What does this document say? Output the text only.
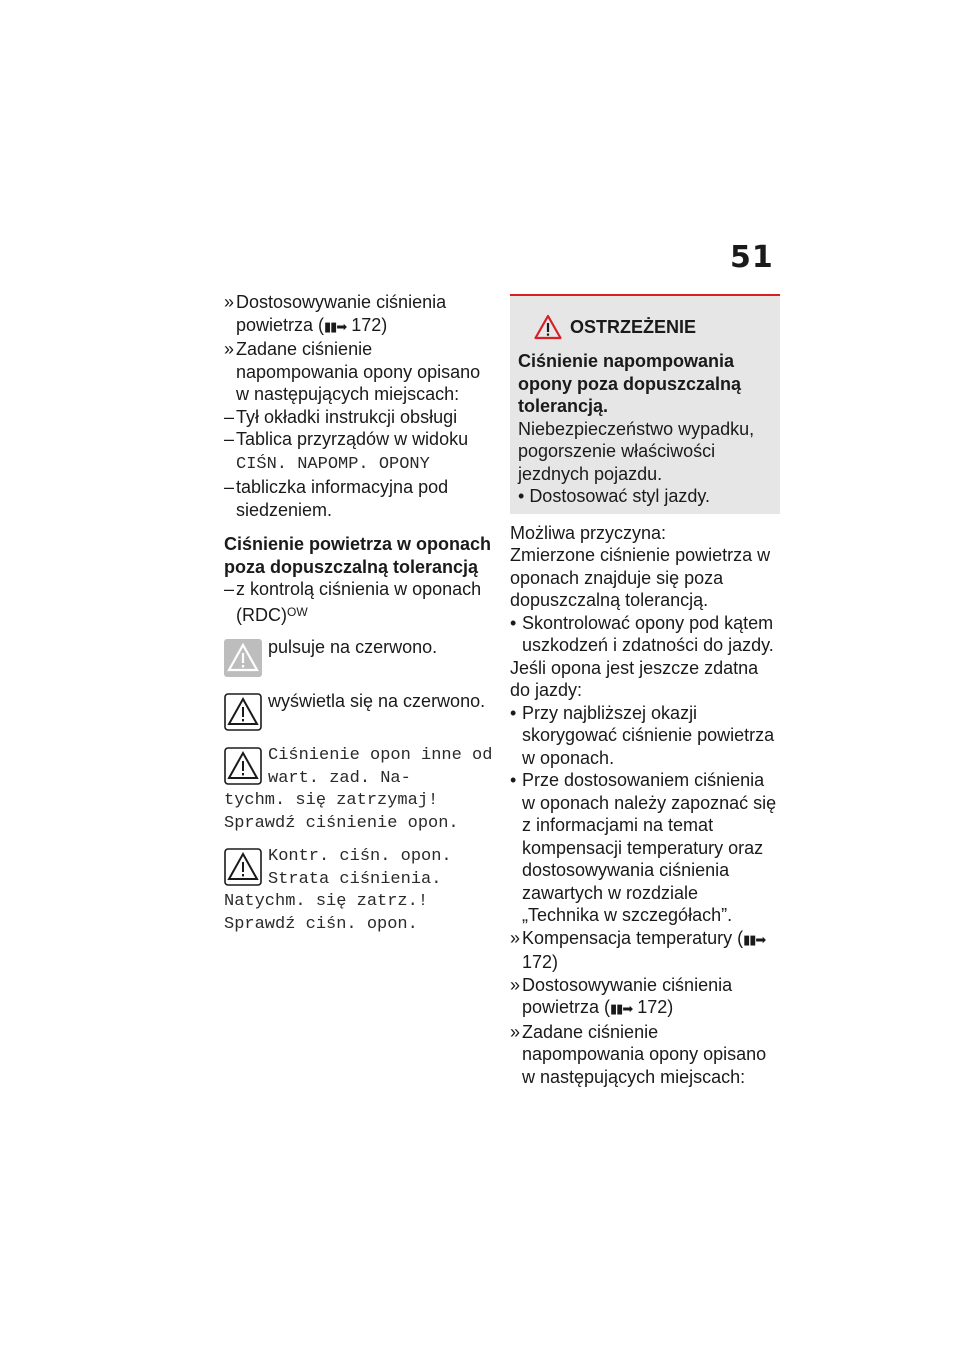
51
» Dostosowywanie ciśnienia powietrza (▮▮➡ 172)
» Zadane ciśnienie napompowania opony opisano w następujących miejscach:
– Tył okładki instrukcji obsługi
– Tablica przyrządów w widoku
CIŚN. NAPOMP. OPONY
– tabliczka informacyjna pod siedzeniem.
Ciśnienie powietrza w oponach poza dopuszczalną tolerancją
– z kontrolą ciśnienia w oponach (RDC)$^{OW}$
pulsuje na czerwono.
wyświetla się na czerwono.
Ciśnienie opon inne od wart. zad. Na-
tychm. się zatrzymaj! Sprawdź ciśnienie opon.
Kontr. ciśn. opon. Strata ciśnienia.
Natychm. się zatrz.! Sprawdź ciśn. opon.
OSTRZEŻENIE
Ciśnienie napompowania opony poza dopuszczalną tolerancją.
Niebezpieczeństwo wypadku, pogorszenie właściwości jezdnych pojazdu.
• Dostosować styl jazdy.
Możliwa przyczyna:
Zmierzone ciśnienie powietrza w oponach znajduje się poza dopuszczalną tolerancją.
• Skontrolować opony pod kątem uszkodzeń i zdatności do jazdy.
Jeśli opona jest jeszcze zdatna do jazdy:
• Przy najbliższej okazji skorygować ciśnienie powietrza w oponach.
• Prze dostosowaniem ciśnienia w oponach należy zapoznać się z informacjami na temat kompensacji temperatury oraz dostosowywania ciśnienia zawartych w rozdziale „Technika w szczegółach”.
» Kompensacja temperatury (▮▮➡ 172)
» Dostosowywanie ciśnienia powietrza (▮▮➡ 172)
» Zadane ciśnienie napompowania opony opisano w następujących miejscach:
